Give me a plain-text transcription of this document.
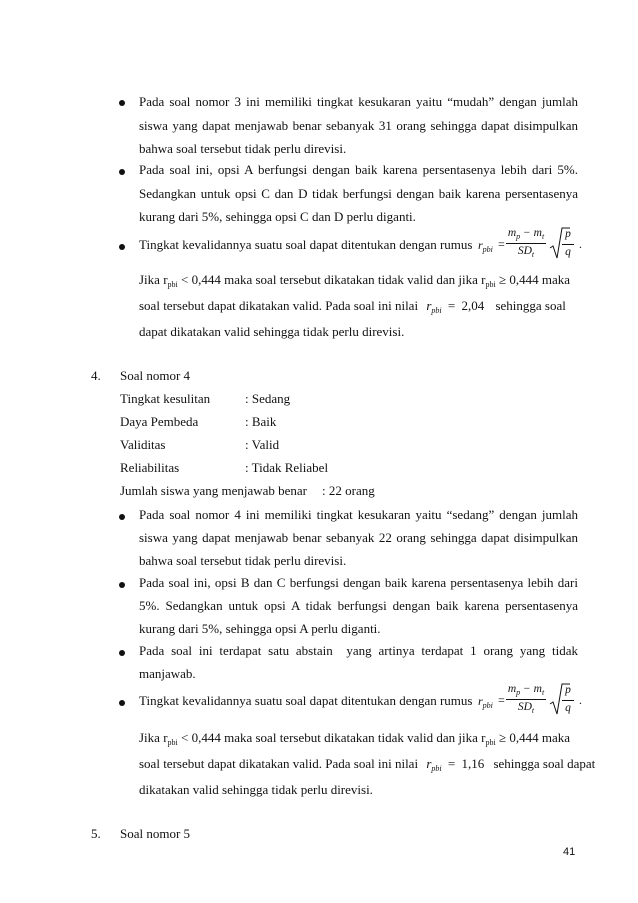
Pada soal nomor 3 ini memiliki tingkat kesukaran yaitu “mudah” dengan jumlah
siswa yang dapat menjawab benar sebanyak 31 orang sehingga dapat disimpulkan
bahwa soal tersebut tidak perlu direvisi.
Pada soal ini, opsi A berfungsi dengan baik karena persentasenya lebih dari 5%.
Sedangkan untuk opsi C dan D tidak berfungsi dengan baik karena persentasenya
kurang dari 5%, sehingga opsi C dan D perlu diganti.
Tingkat kevalidannya suatu soal dapat ditentukan dengan rumus $r_{pbi}$ =
$m_p - m_t$
$SD_t$
p
q
.
Jika $r_{pbi} < 0,444$ maka soal tersebut dikatakan tidak valid dan jika $r_{pbi} \ge 0,444$ maka
soal tersebut dapat dikatakan valid. Pada soal ini nilai $r_{pbi} = 2,04$ sehingga soal
dapat dikatakan valid sehingga tidak perlu direvisi.
4. Soal nomor 4
Tingkat kesulitan	: Sedang
Daya Pembeda	: Baik
Validitas	: Valid
Reliabilitas	: Tidak Reliabel
Jumlah siswa yang menjawab benar : 22 orang
Pada soal nomor 4 ini memiliki tingkat kesukaran yaitu “sedang” dengan jumlah
siswa yang dapat menjawab benar sebanyak 22 orang sehingga dapat disimpulkan
bahwa soal tersebut tidak perlu direvisi.
Pada soal ini, opsi B dan C berfungsi dengan baik karena persentasenya lebih dari
5%. Sedangkan untuk opsi A tidak berfungsi dengan baik karena persentasenya
kurang dari 5%, sehingga opsi A perlu diganti.
Pada soal ini terdapat satu abstain  yang artinya terdapat 1 orang yang tidak
manjawab.
Tingkat kevalidannya suatu soal dapat ditentukan dengan rumus $r_{pbi}$ =
$m_p - m_t$
$SD_t$
p
q
.
Jika $r_{pbi} < 0,444$ maka soal tersebut dikatakan tidak valid dan jika $r_{pbi} \ge 0,444$ maka
soal tersebut dapat dikatakan valid. Pada soal ini nilai $r_{pbi} = 1,16$ sehingga soal dapat
dikatakan valid sehingga tidak perlu direvisi.
5. Soal nomor 5
41
